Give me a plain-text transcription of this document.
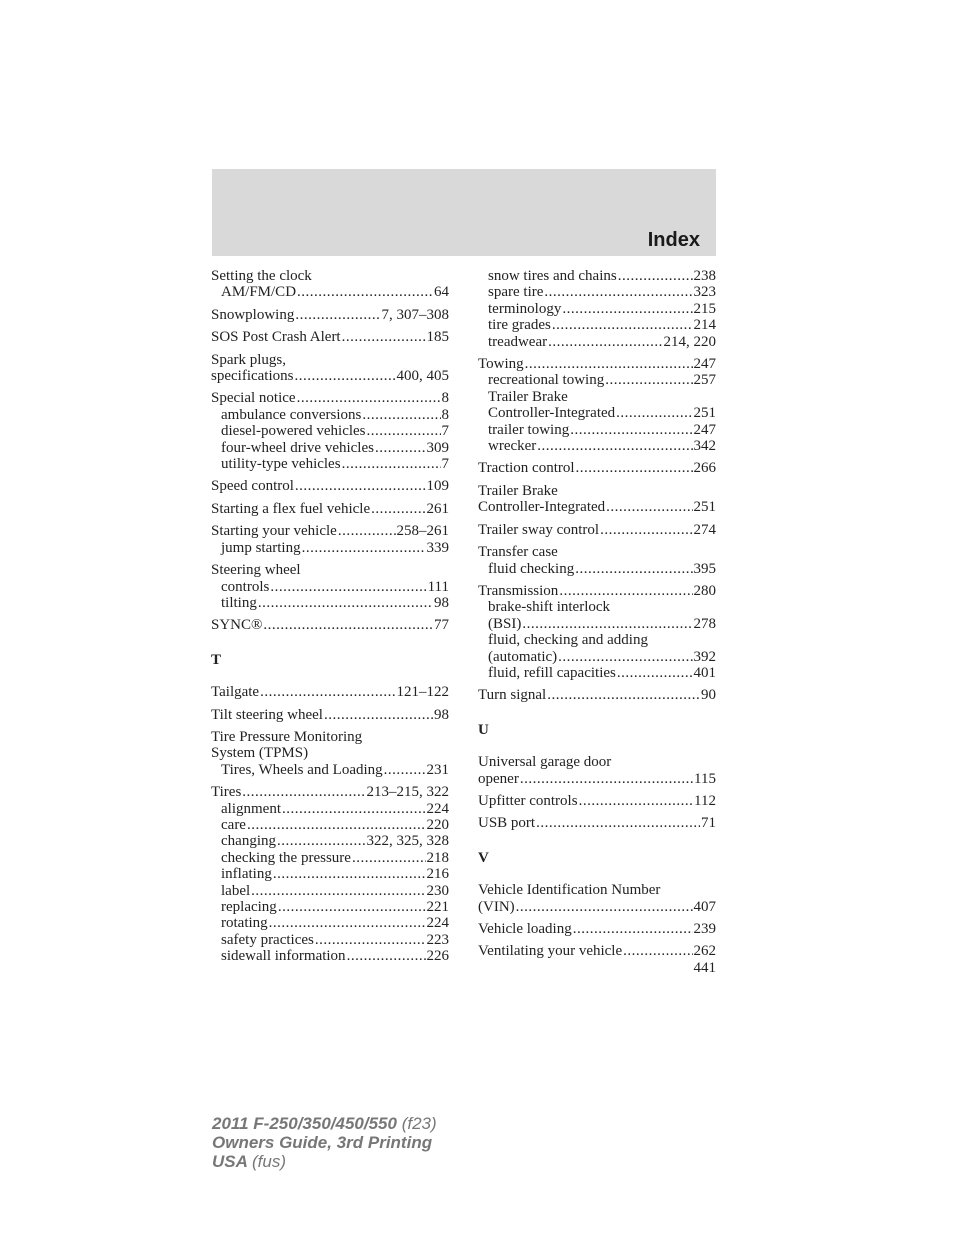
Index
Setting the clock
AM/FM/CD .....	64
Snowplowing .....	7, 307–308
SOS Post Crash Alert .....	185
Spark plugs,
specifications .....	400, 405
Special notice .....	8
ambulance conversions .....	8
diesel-powered vehicles .....	7
four-wheel drive vehicles .....	309
utility-type vehicles .....	7
Speed control .....	109
Starting a flex fuel vehicle .....	261
Starting your vehicle .....	258–261
jump starting .....	339
Steering wheel
controls .....	111
tilting .....	98
SYNC® .....	77
T
Tailgate .....	121–122
Tilt steering wheel .....	98
Tire Pressure Monitoring
System (TPMS)
Tires, Wheels and Loading .....	231
Tires .....	213–215, 322
alignment .....	224
care .....	220
changing .....	322, 325, 328
checking the pressure .....	218
inflating .....	216
label .....	230
replacing .....	221
rotating .....	224
safety practices .....	223
sidewall information .....	226
snow tires and chains .....	238
spare tire .....	323
terminology .....	215
tire grades .....	214
treadwear .....	214, 220
Towing .....	247
recreational towing .....	257
Trailer Brake
Controller-Integrated .....	251
trailer towing .....	247
wrecker .....	342
Traction control .....	266
Trailer Brake
Controller-Integrated .....	251
Trailer sway control .....	274
Transfer case
fluid checking .....	395
Transmission .....	280
brake-shift interlock
(BSI) .....	278
fluid, checking and adding
(automatic) .....	392
fluid, refill capacities .....	401
Turn signal .....	90
U
Universal garage door
opener .....	115
Upfitter controls .....	112
USB port .....	71
V
Vehicle Identification Number
(VIN) .....	407
Vehicle loading .....	239
Ventilating your vehicle .....	262
441
2011 F-250/350/450/550 (f23)
Owners Guide, 3rd Printing
USA (fus)
